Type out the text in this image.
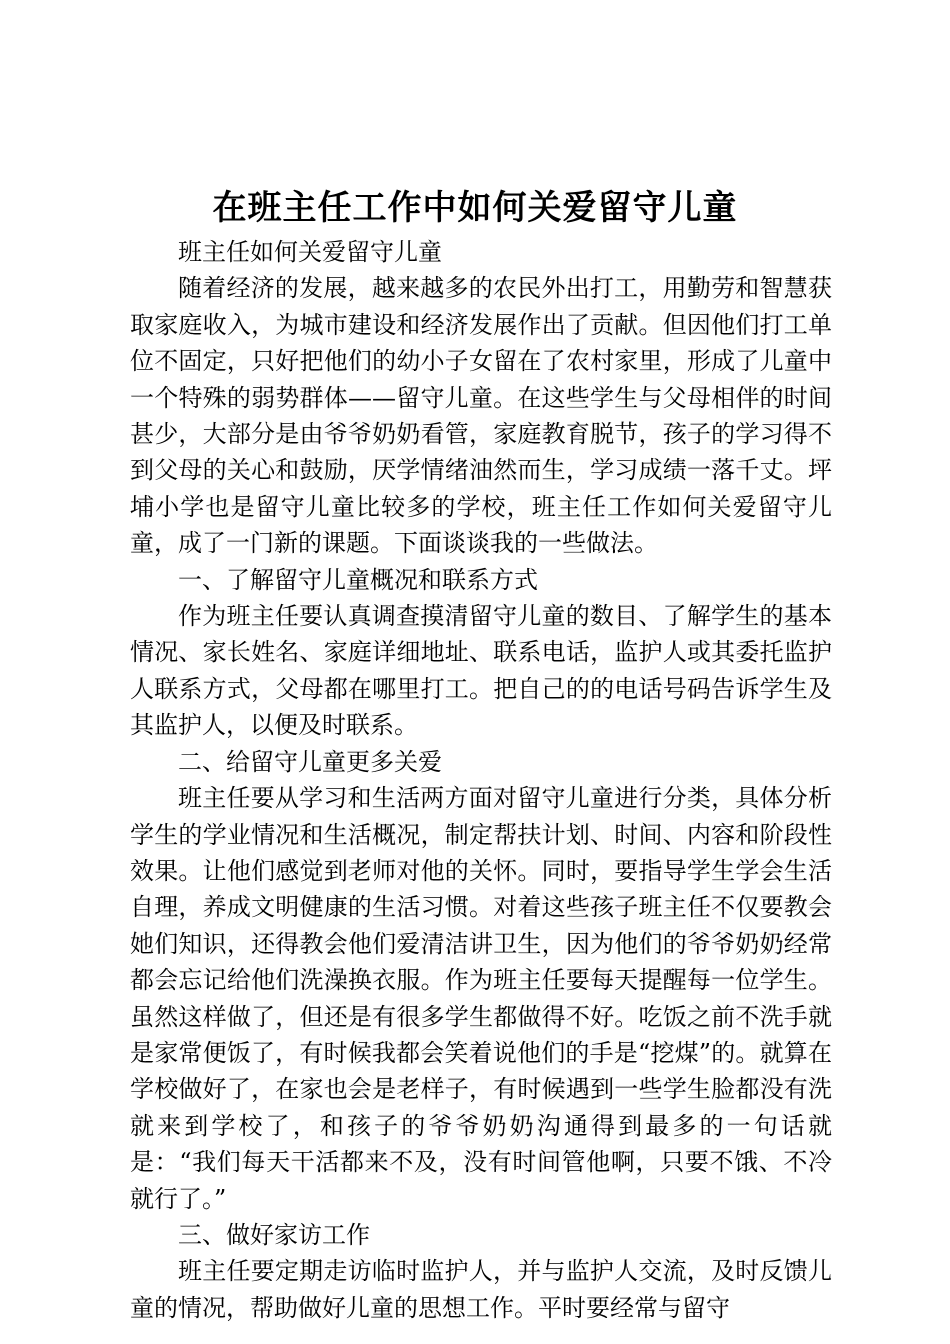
在班主任工作中如何关爱留守儿童

班主任如何关爱留守儿童

随着经济的发展，越来越多的农民外出打工，用勤劳和智慧获取家庭收入，为城市建设和经济发展作出了贡献。但因他们打工单位不固定，只好把他们的幼小子女留在了农村家里，形成了儿童中一个特殊的弱势群体——留守儿童。在这些学生与父母相伴的时间甚少，大部分是由爷爷奶奶看管，家庭教育脱节，孩子的学习得不到父母的关心和鼓励，厌学情绪油然而生，学习成绩一落千丈。坪埔小学也是留守儿童比较多的学校，班主任工作如何关爱留守儿童，成了一门新的课题。下面谈谈我的一些做法。

一、了解留守儿童概况和联系方式

作为班主任要认真调查摸清留守儿童的数目、了解学生的基本情况、家长姓名、家庭详细地址、联系电话，监护人或其委托监护人联系方式，父母都在哪里打工。把自己的的电话号码告诉学生及其监护人，以便及时联系。

二、给留守儿童更多关爱

班主任要从学习和生活两方面对留守儿童进行分类，具体分析学生的学业情况和生活概况，制定帮扶计划、时间、内容和阶段性效果。让他们感觉到老师对他的关怀。同时，要指导学生学会生活自理，养成文明健康的生活习惯。对着这些孩子班主任不仅要教会她们知识，还得教会他们爱清洁讲卫生，因为他们的爷爷奶奶经常都会忘记给他们洗澡换衣服。作为班主任要每天提醒每一位学生。虽然这样做了，但还是有很多学生都做得不好。吃饭之前不洗手就是家常便饭了，有时候我都会笑着说他们的手是“挖煤”的。就算在学校做好了，在家也会是老样子，有时候遇到一些学生脸都没有洗就来到学校了，和孩子的爷爷奶奶沟通得到最多的一句话就是：“我们每天干活都来不及，没有时间管他啊，只要不饿、不冷就行了。”

三、做好家访工作

班主任要定期走访临时监护人，并与监护人交流，及时反馈儿童的情况，帮助做好儿童的思想工作。平时要经常与留守
